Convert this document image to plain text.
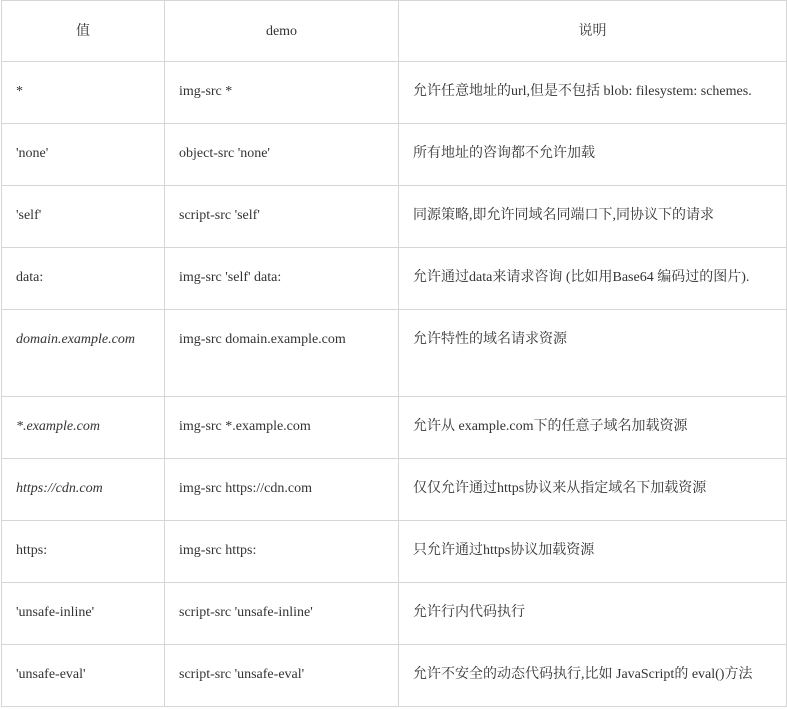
值	demo	说明
*	img-src *	允许任意地址的url,但是不包括 blob: filesystem: schemes.
'none'	object-src 'none'	所有地址的咨询都不允许加载
'self'	script-src 'self'	同源策略,即允许同域名同端口下,同协议下的请求
data:	img-src 'self' data:	允许通过data来请求咨询 (比如用Base64 编码过的图片).
domain.example.com	img-src domain.example.com	允许特性的域名请求资源
*.example.com	img-src *.example.com	允许从 example.com下的任意子域名加载资源
https://cdn.com	img-src https://cdn.com	仅仅允许通过https协议来从指定域名下加载资源
https:	img-src https:	只允许通过https协议加载资源
'unsafe-inline'	script-src 'unsafe-inline'	允许行内代码执行
'unsafe-eval'	script-src 'unsafe-eval'	允许不安全的动态代码执行,比如 JavaScript的 eval()方法
